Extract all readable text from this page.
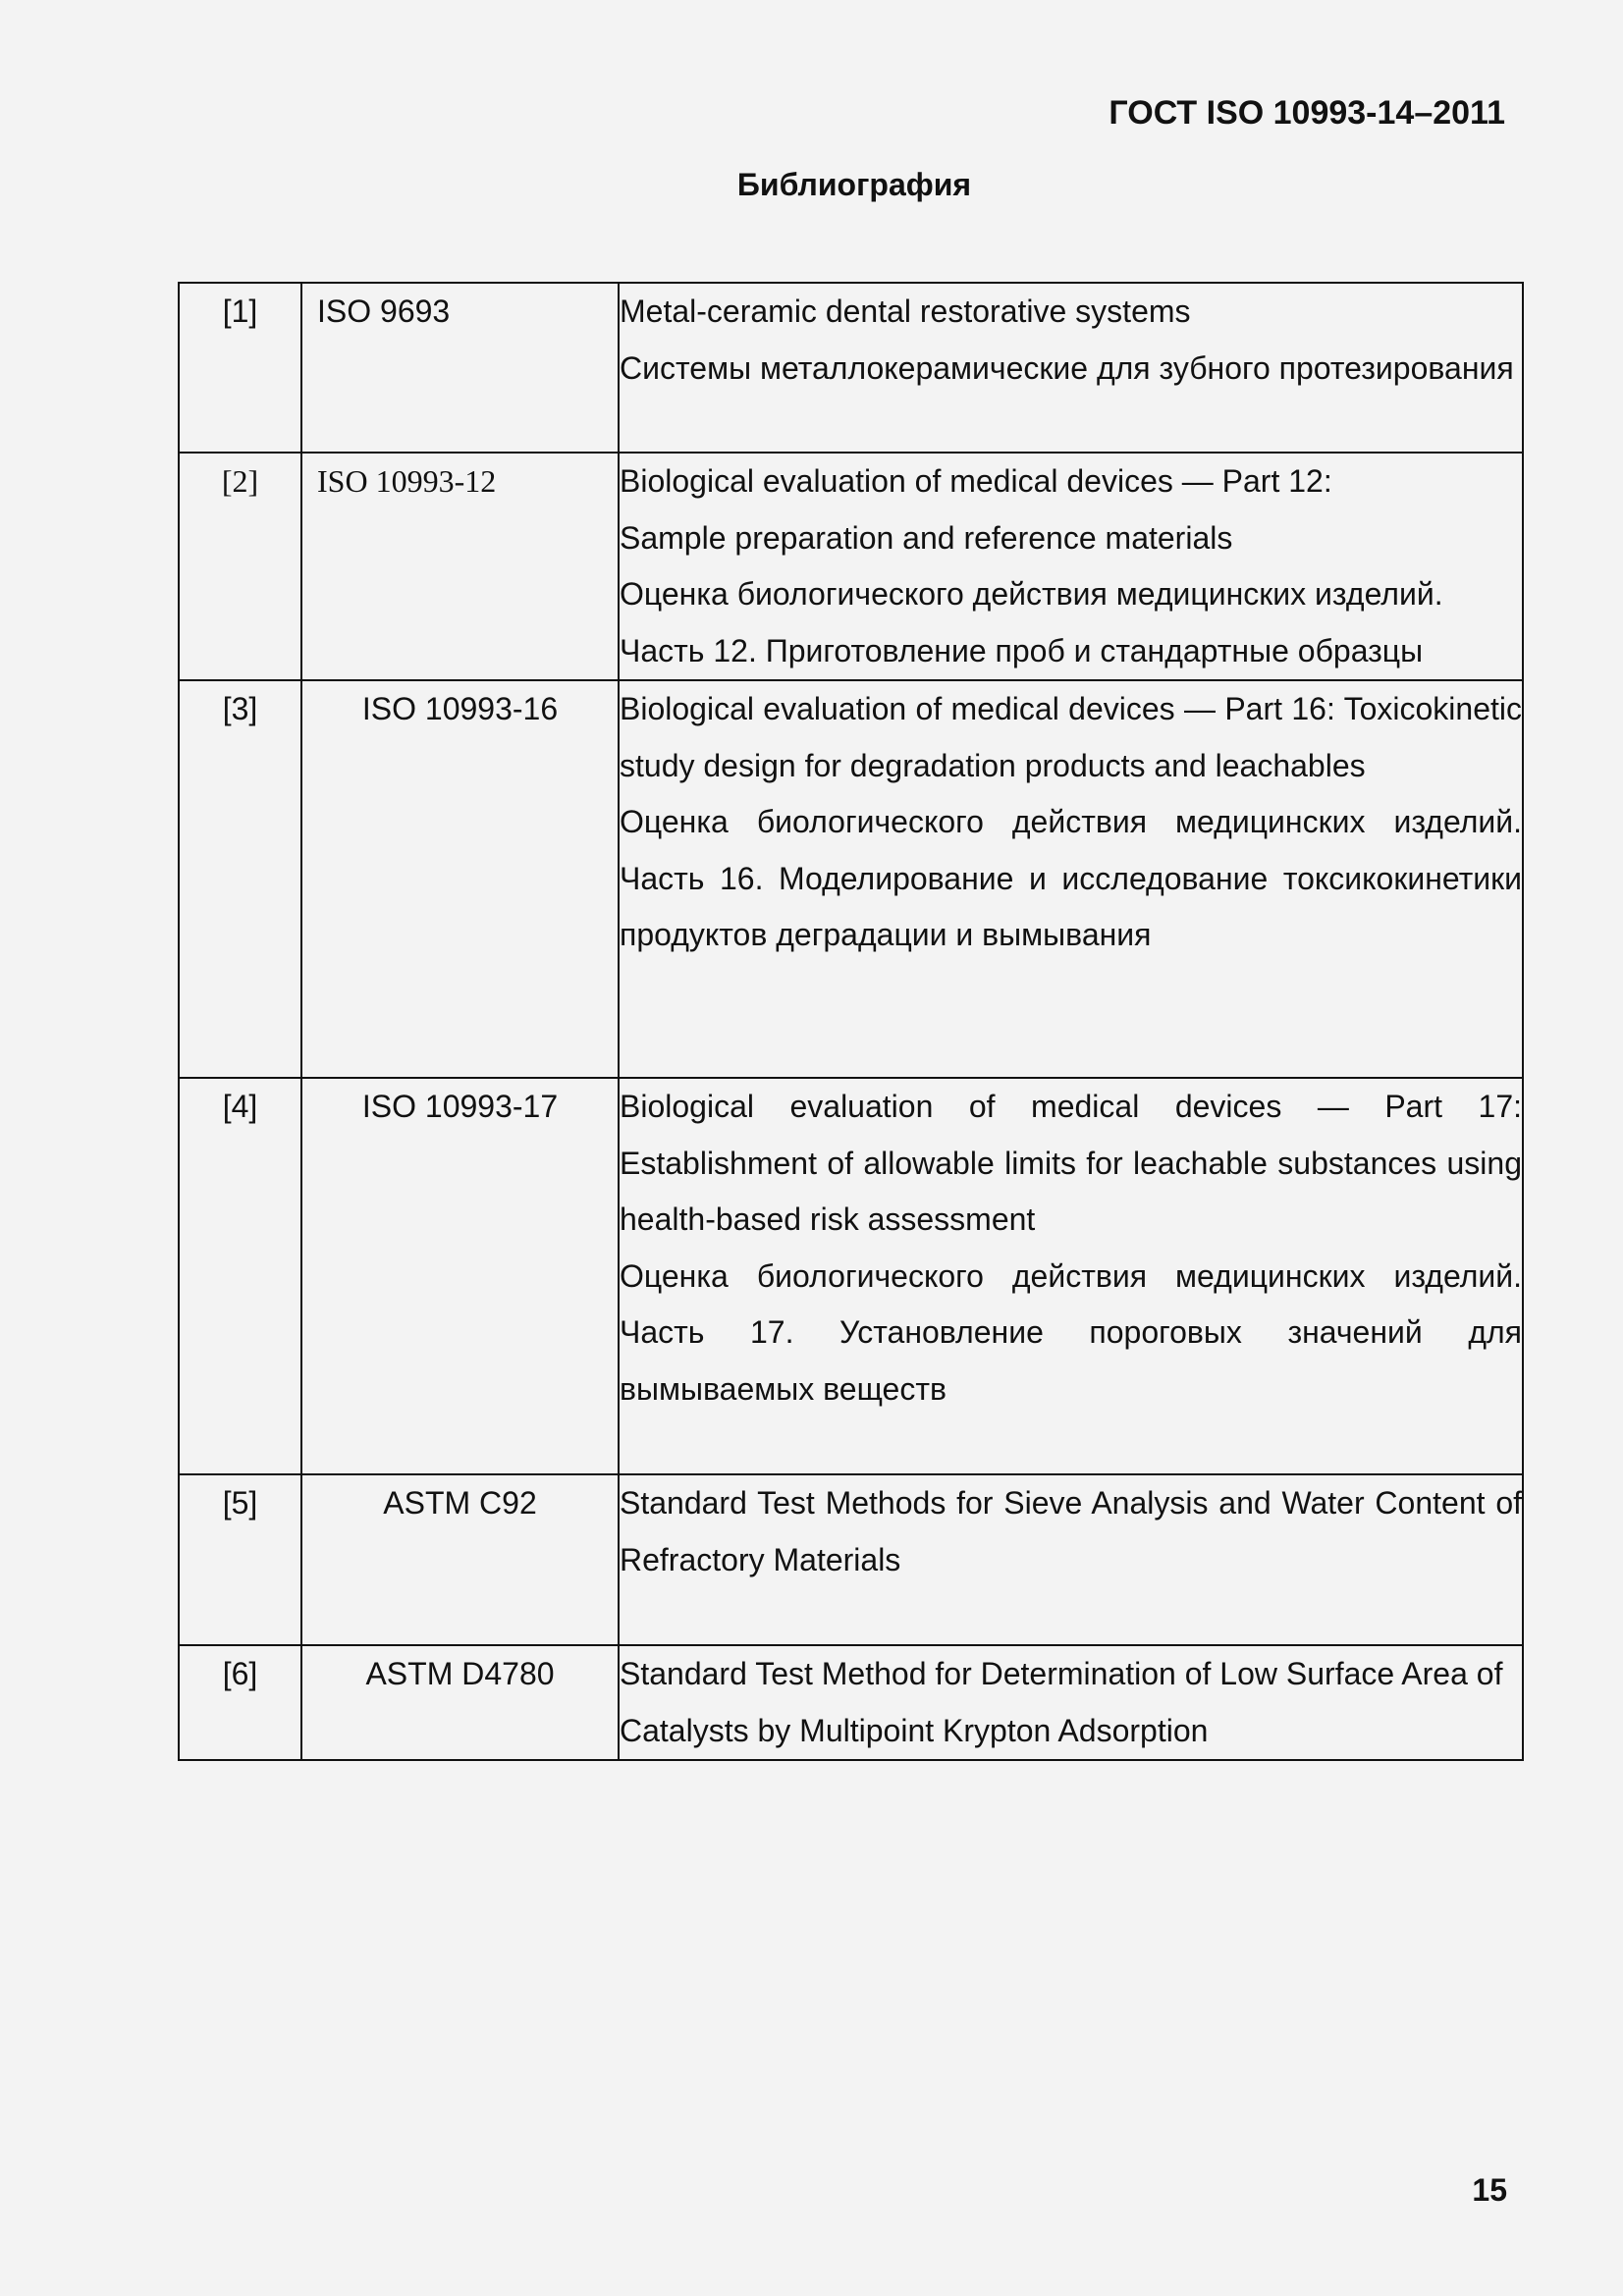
ГОСТ ISO 10993-14–2011
Библиография
[1]	ISO 9693	Metal-ceramic dental restorative systems
Системы металлокерамические для зубного протезирования

[2]	ISO 10993-12	Biological evaluation of medical devices — Part 12:
Sample preparation and reference materials
Оценка биологического действия медицинских изделий.
Часть 12. Приготовление проб и стандартные образцы

[3]	ISO 10993-16	Biological evaluation of medical devices — Part 16: Toxicokinetic study design for degradation products and leachables
Оценка биологического действия медицинских изделий. Часть 16. Моделирование и исследование токсикокинетики продуктов деградации и вымывания

[4]	ISO 10993-17	Biological evaluation of medical devices — Part 17: Establishment of allowable limits for leachable substances using health-based risk assessment
Оценка биологического действия медицинских изделий. Часть 17. Установление пороговых значений для вымываемых веществ

[5]	ASTM C92	Standard Test Methods for Sieve Analysis and Water Content of Refractory Materials

[6]	ASTM D4780	Standard Test Method for Determination of Low Surface Area of Catalysts by Multipoint Krypton Adsorption
15
